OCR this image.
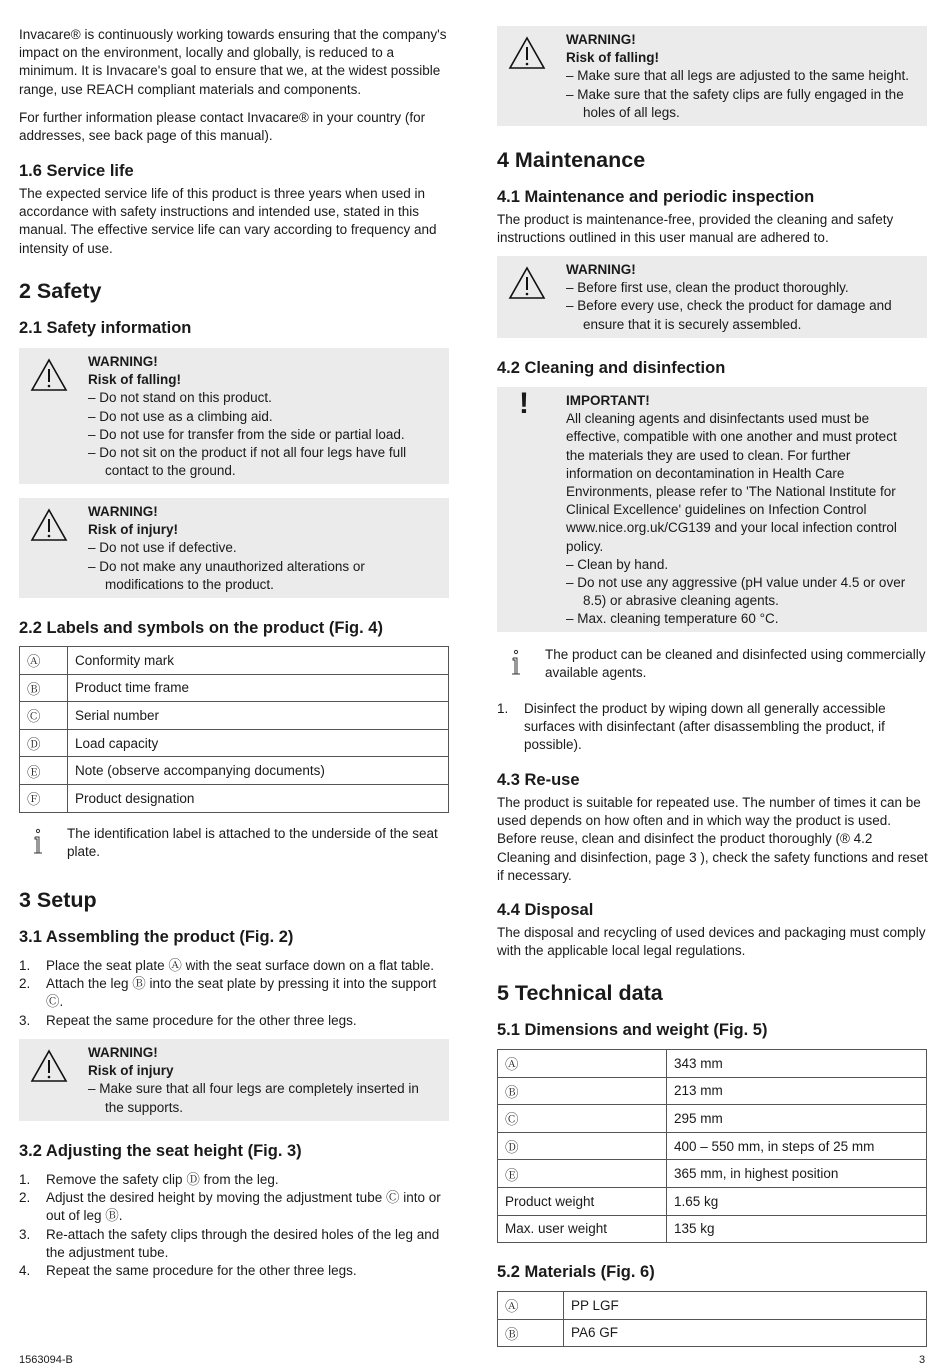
Invacare® is continuously working towards ensuring that the company's impact on the environment, locally and globally, is reduced to a minimum. It is Invacare's goal to ensure that we, at the widest possible range, use REACH compliant materials and components.

For further information please contact Invacare® in your country (for addresses, see back page of this manual).

1.6 Service life

The expected service life of this product is three years when used in accordance with safety instructions and intended use, stated in this manual. The effective service life can vary according to frequency and intensity of use.

2 Safety
2.1 Safety information
WARNING!
Risk of falling!
– Do not stand on this product.
– Do not use as a climbing aid.
– Do not use for transfer from the side or partial load.
– Do not sit on the product if not all four legs have full contact to the ground.
WARNING!
Risk of injury!
– Do not use if defective.
– Do not make any unauthorized alterations or modifications to the product.
2.2 Labels and symbols on the product (Fig. 4)
Ⓐ	Conformity mark
Ⓑ	Product time frame
Ⓒ	Serial number
Ⓓ	Load capacity
Ⓔ	Note (observe accompanying documents)
Ⓕ	Product designation
The identification label is attached to the underside of the seat plate.
3 Setup
3.1 Assembling the product (Fig. 2)
1. Place the seat plate Ⓐ with the seat surface down on a flat table.
2. Attach the leg Ⓑ into the seat plate by pressing it into the support Ⓒ.
3. Repeat the same procedure for the other three legs.
WARNING!
Risk of injury
– Make sure that all four legs are completely inserted in the supports.
3.2 Adjusting the seat height (Fig. 3)
1. Remove the safety clip Ⓓ from the leg.
2. Adjust the desired height by moving the adjustment tube Ⓒ into or out of leg Ⓑ.
3. Re-attach the safety clips through the desired holes of the leg and the adjustment tube.
4. Repeat the same procedure for the other three legs.
WARNING!
Risk of falling!
– Make sure that all legs are adjusted to the same height.
– Make sure that the safety clips are fully engaged in the holes of all legs.
4 Maintenance
4.1 Maintenance and periodic inspection

The product is maintenance-free, provided the cleaning and safety instructions outlined in this user manual are adhered to.

WARNING!
– Before first use, clean the product thoroughly.
– Before every use, check the product for damage and ensure that it is securely assembled.
4.2 Cleaning and disinfection
!	IMPORTANT!
All cleaning agents and disinfectants used must be effective, compatible with one another and must protect the materials they are used to clean. For further information on decontamination in Health Care Environments, please refer to 'The National Institute for Clinical Excellence' guidelines on Infection Control www.nice.org.uk/CG139 and your local infection control policy.
– Clean by hand.
– Do not use any aggressive (pH value under 4.5 or over 8.5) or abrasive cleaning agents.
– Max. cleaning temperature 60 °C.
The product can be cleaned and disinfected using commercially available agents.
1. Disinfect the product by wiping down all generally accessible surfaces with disinfectant (after disassembling the product, if possible).
4.3 Re-use

The product is suitable for repeated use. The number of times it can be used depends on how often and in which way the product is used. Before reuse, clean and disinfect the product thoroughly (® 4.2 Cleaning and disinfection, page 3 ), check the safety functions and reset if necessary.

4.4 Disposal

The disposal and recycling of used devices and packaging must comply with the applicable local legal regulations.

5 Technical data
5.1 Dimensions and weight (Fig. 5)
Ⓐ	343 mm
Ⓑ	213 mm
Ⓒ	295 mm
Ⓓ	400 – 550 mm, in steps of 25 mm
Ⓔ	365 mm, in highest position
Product weight	1.65 kg
Max. user weight	135 kg
5.2 Materials (Fig. 6)
Ⓐ	PP LGF
Ⓑ	PA6 GF
1563094-B	3
